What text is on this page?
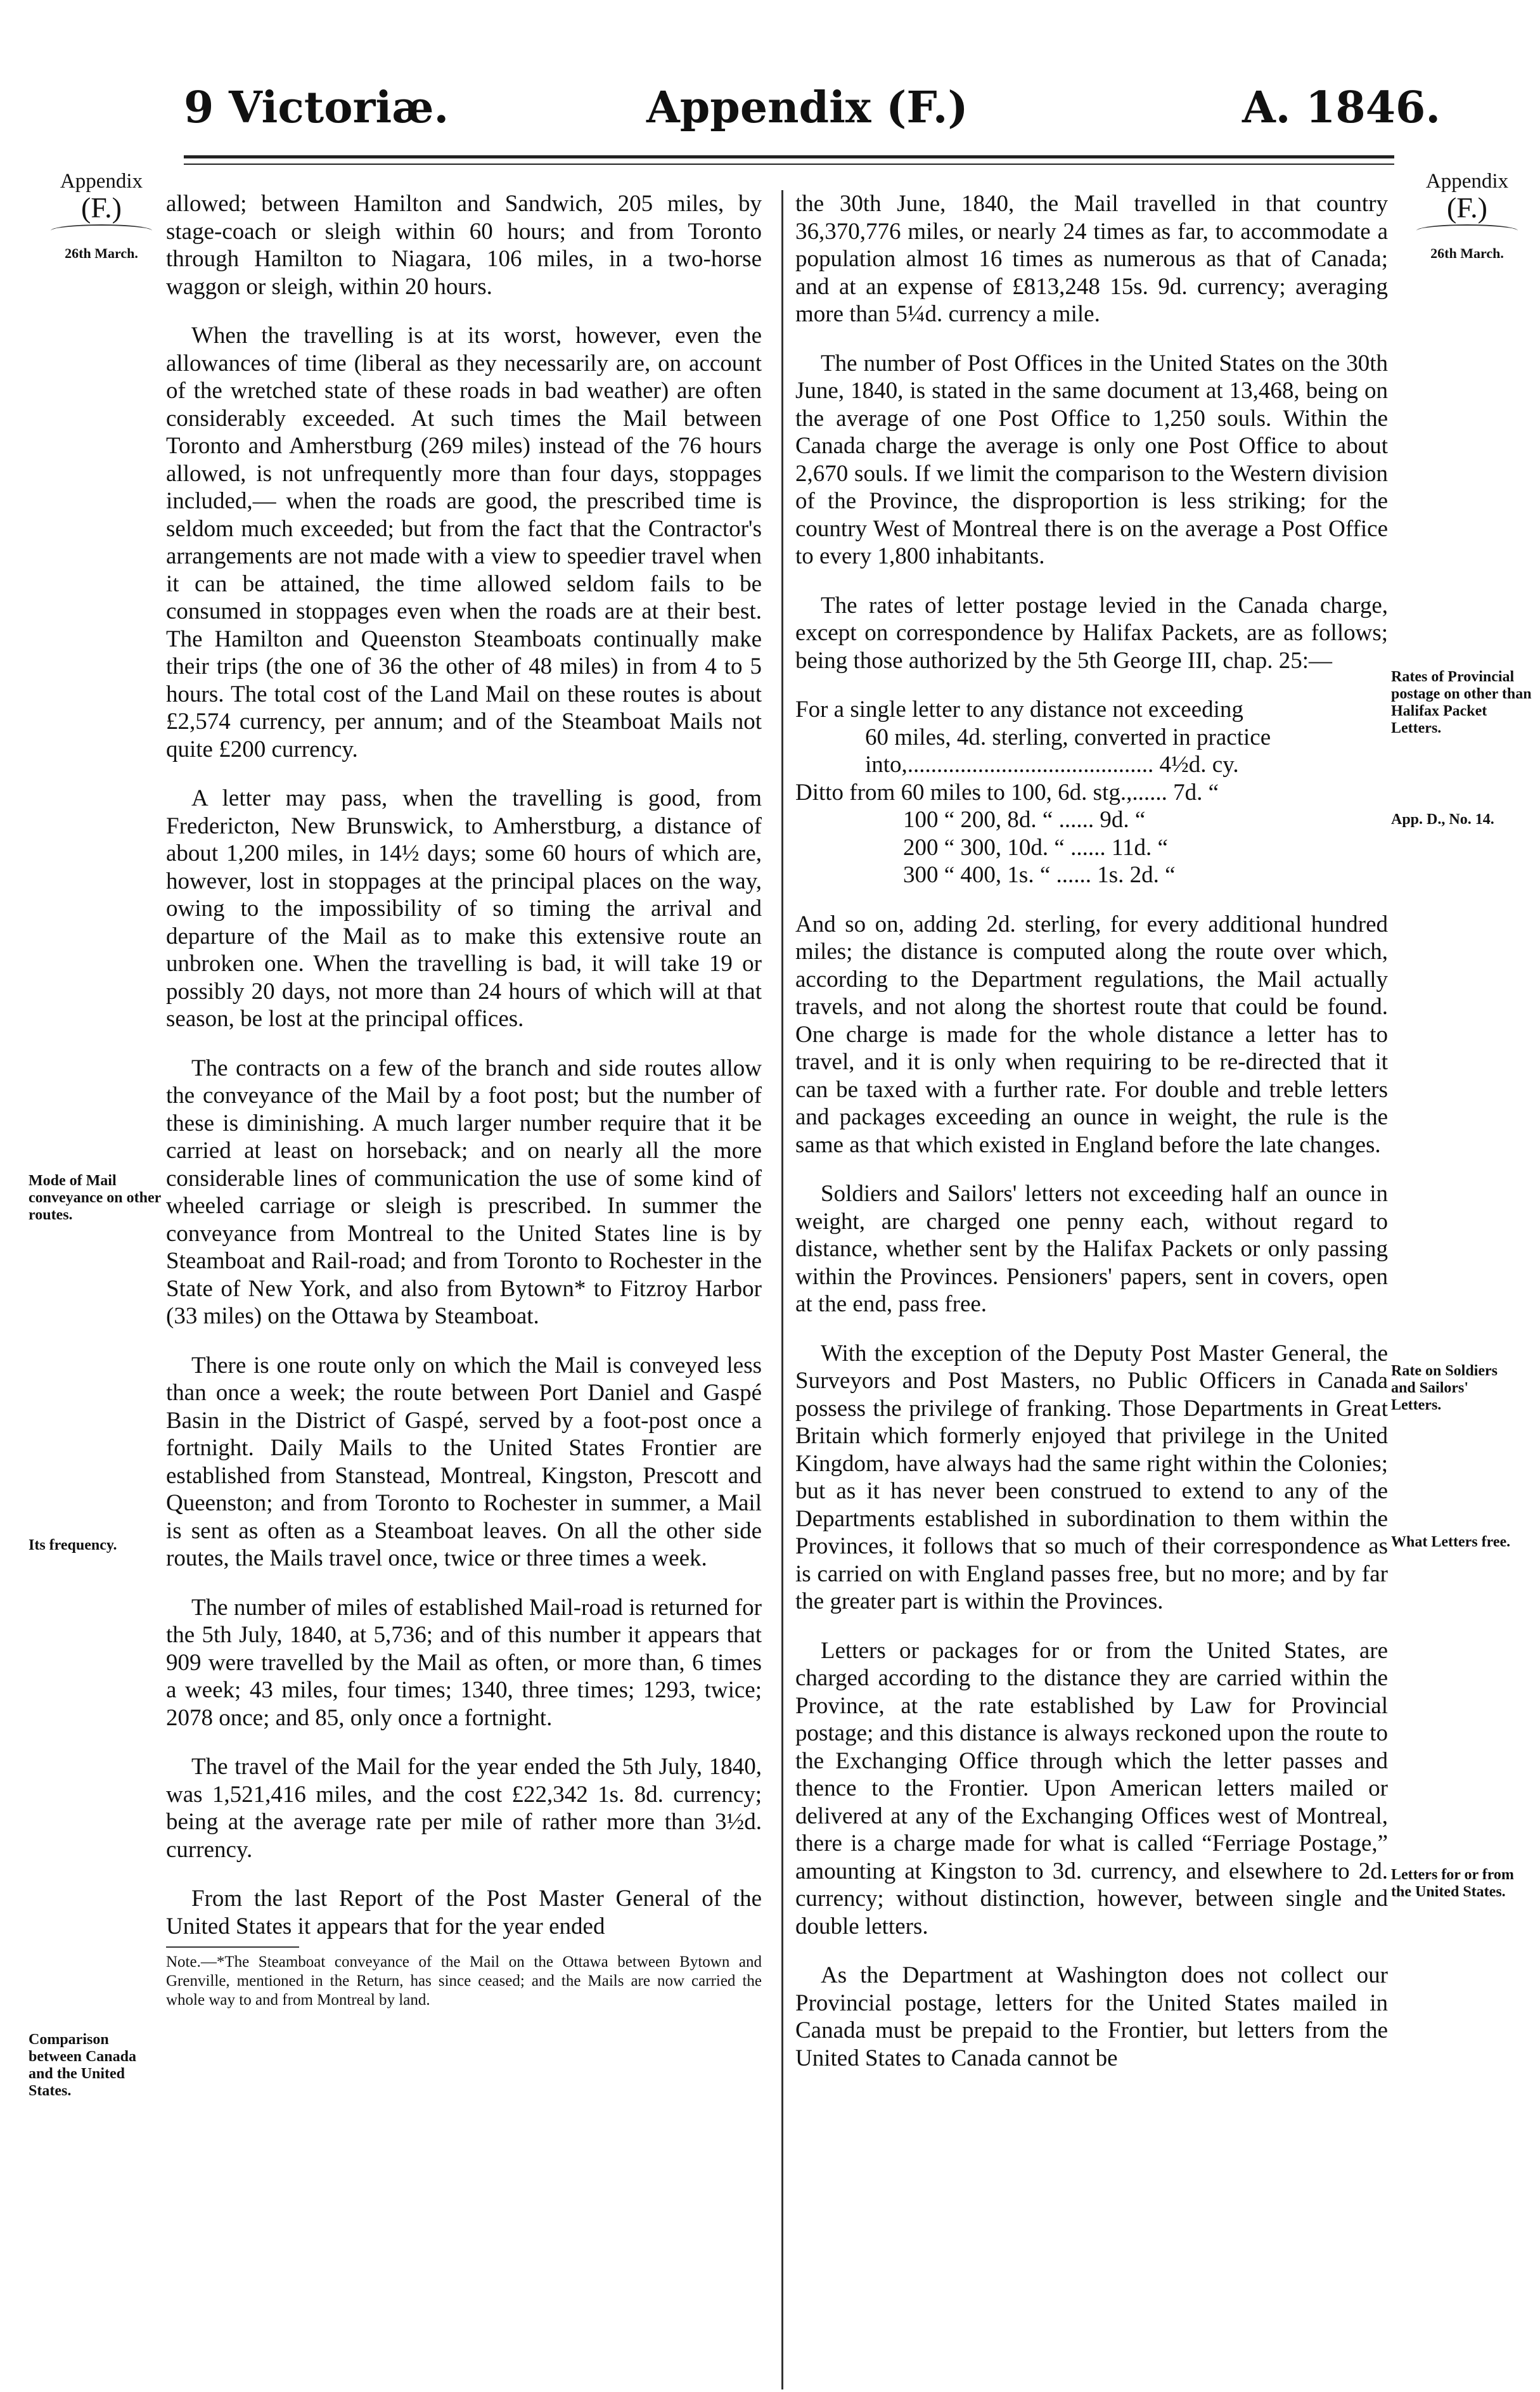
9 Victoriæ.	Appendix (F.)	A. 1846.
Appendix
(F.)
26th March.
Appendix
(F.)
26th March.
Mode of Mail conveyance on other routes.
Its frequency.
Comparison between Canada and the United States.
Rates of Provincial postage on other than Halifax Packet Letters.
App. D., No. 14.
Rate on Soldiers and Sailors' Letters.
What Letters free.
Letters for or from the United States.

allowed; between Hamilton and Sandwich, 205 miles, by stage-coach or sleigh within 60 hours; and from Toronto through Hamilton to Niagara, 106 miles, in a two-horse waggon or sleigh, within 20 hours.

When the travelling is at its worst, however, even the allowances of time (liberal as they necessarily are, on account of the wretched state of these roads in bad weather) are often considerably exceeded. At such times the Mail between Toronto and Amherstburg (269 miles) instead of the 76 hours allowed, is not unfrequently more than four days, stoppages included,— when the roads are good, the prescribed time is seldom much exceeded; but from the fact that the Contractor's arrangements are not made with a view to speedier travel when it can be attained, the time allowed seldom fails to be consumed in stoppages even when the roads are at their best. The Hamilton and Queenston Steamboats continually make their trips (the one of 36 the other of 48 miles) in from 4 to 5 hours. The total cost of the Land Mail on these routes is about £2,574 currency, per annum; and of the Steamboat Mails not quite £200 currency.

A letter may pass, when the travelling is good, from Fredericton, New Brunswick, to Amherstburg, a distance of about 1,200 miles, in 14½ days; some 60 hours of which are, however, lost in stoppages at the principal places on the way, owing to the impossibility of so timing the arrival and departure of the Mail as to make this extensive route an unbroken one. When the travelling is bad, it will take 19 or possibly 20 days, not more than 24 hours of which will at that season, be lost at the principal offices.

The contracts on a few of the branch and side routes allow the conveyance of the Mail by a foot post; but the number of these is diminishing. A much larger number require that it be carried at least on horseback; and on nearly all the more considerable lines of communication the use of some kind of wheeled carriage or sleigh is prescribed. In summer the conveyance from Montreal to the United States line is by Steamboat and Rail-road; and from Toronto to Rochester in the State of New York, and also from Bytown* to Fitzroy Harbor (33 miles) on the Ottawa by Steamboat.

There is one route only on which the Mail is conveyed less than once a week; the route between Port Daniel and Gaspé Basin in the District of Gaspé, served by a foot-post once a fortnight. Daily Mails to the United States Frontier are established from Stanstead, Montreal, Kingston, Prescott and Queenston; and from Toronto to Rochester in summer, a Mail is sent as often as a Steamboat leaves. On all the other side routes, the Mails travel once, twice or three times a week.

The number of miles of established Mail-road is returned for the 5th July, 1840, at 5,736; and of this number it appears that 909 were travelled by the Mail as often, or more than, 6 times a week; 43 miles, four times; 1340, three times; 1293, twice; 2078 once; and 85, only once a fortnight.

The travel of the Mail for the year ended the 5th July, 1840, was 1,521,416 miles, and the cost £22,342 1s. 8d. currency; being at the average rate per mile of rather more than 3½d. currency.

From the last Report of the Post Master General of the United States it appears that for the year ended

Note.—*The Steamboat conveyance of the Mail on the Ottawa between Bytown and Grenville, mentioned in the Return, has since ceased; and the Mails are now carried the whole way to and from Montreal by land.

the 30th June, 1840, the Mail travelled in that country 36,370,776 miles, or nearly 24 times as far, to accommodate a population almost 16 times as numerous as that of Canada; and at an expense of £813,248 15s. 9d. currency; averaging more than 5¼d. currency a mile.

The number of Post Offices in the United States on the 30th June, 1840, is stated in the same document at 13,468, being on the average of one Post Office to 1,250 souls. Within the Canada charge the average is only one Post Office to about 2,670 souls. If we limit the comparison to the Western division of the Province, the disproportion is less striking; for the country West of Montreal there is on the average a Post Office to every 1,800 inhabitants.

The rates of letter postage levied in the Canada charge, except on correspondence by Halifax Packets, are as follows; being those authorized by the 5th George III, chap. 25:—

For a single letter to any distance not exceeding
60 miles, 4d. sterling, converted in practice
into,.......................................... 4½d. cy.
Ditto from 60 miles to 100, 6d. stg.,...... 7d. “
100 “ 200, 8d. “ ...... 9d. “
200 “ 300, 10d. “ ...... 11d. “
300 “ 400, 1s. “ ...... 1s. 2d. “

And so on, adding 2d. sterling, for every additional hundred miles; the distance is computed along the route over which, according to the Department regulations, the Mail actually travels, and not along the shortest route that could be found. One charge is made for the whole distance a letter has to travel, and it is only when requiring to be re-directed that it can be taxed with a further rate. For double and treble letters and packages exceeding an ounce in weight, the rule is the same as that which existed in England before the late changes.

Soldiers and Sailors' letters not exceeding half an ounce in weight, are charged one penny each, without regard to distance, whether sent by the Halifax Packets or only passing within the Provinces. Pensioners' papers, sent in covers, open at the end, pass free.

With the exception of the Deputy Post Master General, the Surveyors and Post Masters, no Public Officers in Canada possess the privilege of franking. Those Departments in Great Britain which formerly enjoyed that privilege in the United Kingdom, have always had the same right within the Colonies; but as it has never been construed to extend to any of the Departments established in subordination to them within the Provinces, it follows that so much of their correspondence as is carried on with England passes free, but no more; and by far the greater part is within the Provinces.

Letters or packages for or from the United States, are charged according to the distance they are carried within the Province, at the rate established by Law for Provincial postage; and this distance is always reckoned upon the route to the Exchanging Office through which the letter passes and thence to the Frontier. Upon American letters mailed or delivered at any of the Exchanging Offices west of Montreal, there is a charge made for what is called “Ferriage Postage,” amounting at Kingston to 3d. currency, and elsewhere to 2d. currency; without distinction, however, between single and double letters.

As the Department at Washington does not collect our Provincial postage, letters for the United States mailed in Canada must be prepaid to the Frontier, but letters from the United States to Canada cannot be
